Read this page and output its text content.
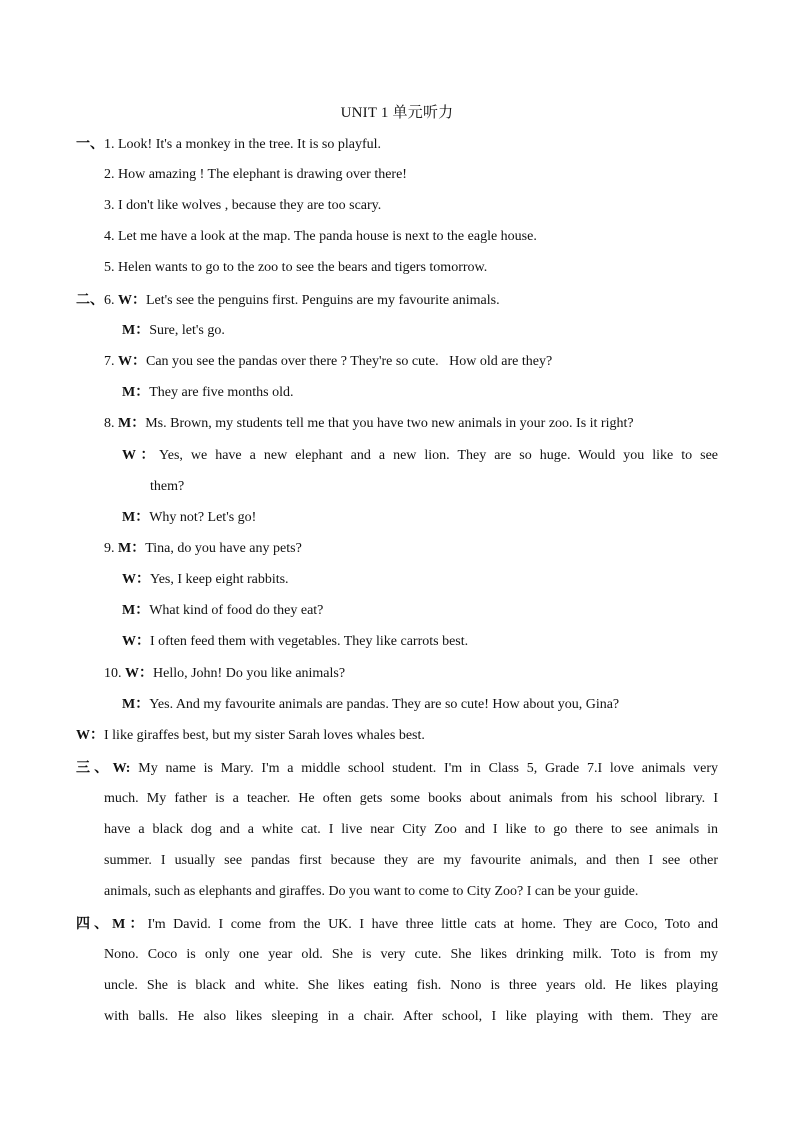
UNIT 1 单元听力
一、1. Look! It's a monkey in the tree. It is so playful.
2. How amazing ! The elephant is drawing over there!
3. I don't like wolves , because they are too scary.
4. Let me have a look at the map. The panda house is next to the eagle house.
5. Helen wants to go to the zoo to see the bears and tigers tomorrow.
二、6. W：Let's see the penguins first. Penguins are my favourite animals.
M：Sure, let's go.
7. W：Can you see the pandas over there ? They're so cute.   How old are they?
M：They are five months old.
8. M：Ms. Brown, my students tell me that you have two new animals in your zoo. Is it right?
W：Yes, we have a new elephant and a new lion. They are so huge. Would you like to see
them?
M：Why not? Let's go!
9. M：Tina, do you have any pets?
W：Yes, I keep eight rabbits.
M：What kind of food do they eat?
W：I often feed them with vegetables. They like carrots best.
10. W：Hello, John! Do you like animals?
M：Yes. And my favourite animals are pandas. They are so cute! How about you, Gina?
W：I like giraffes best, but my sister Sarah loves whales best.
三、W: My name is Mary. I'm a middle school student. I'm in Class 5, Grade 7.I love animals very
much. My father is a teacher. He often gets some books about animals from his school library. I
have a black dog and a white cat. I live near City Zoo and I like to go there to see animals in
summer. I usually see pandas first because they are my favourite animals, and then I see other
animals, such as elephants and giraffes. Do you want to come to City Zoo? I can be your guide.
四、M：I'm David. I come from the UK. I have three little cats at home. They are Coco, Toto and
Nono. Coco is only one year old. She is very cute. She likes drinking milk. Toto is from my
uncle. She is black and white. She likes eating fish. Nono is three years old. He likes playing
with balls. He also likes sleeping in a chair. After school, I like playing with them. They are
